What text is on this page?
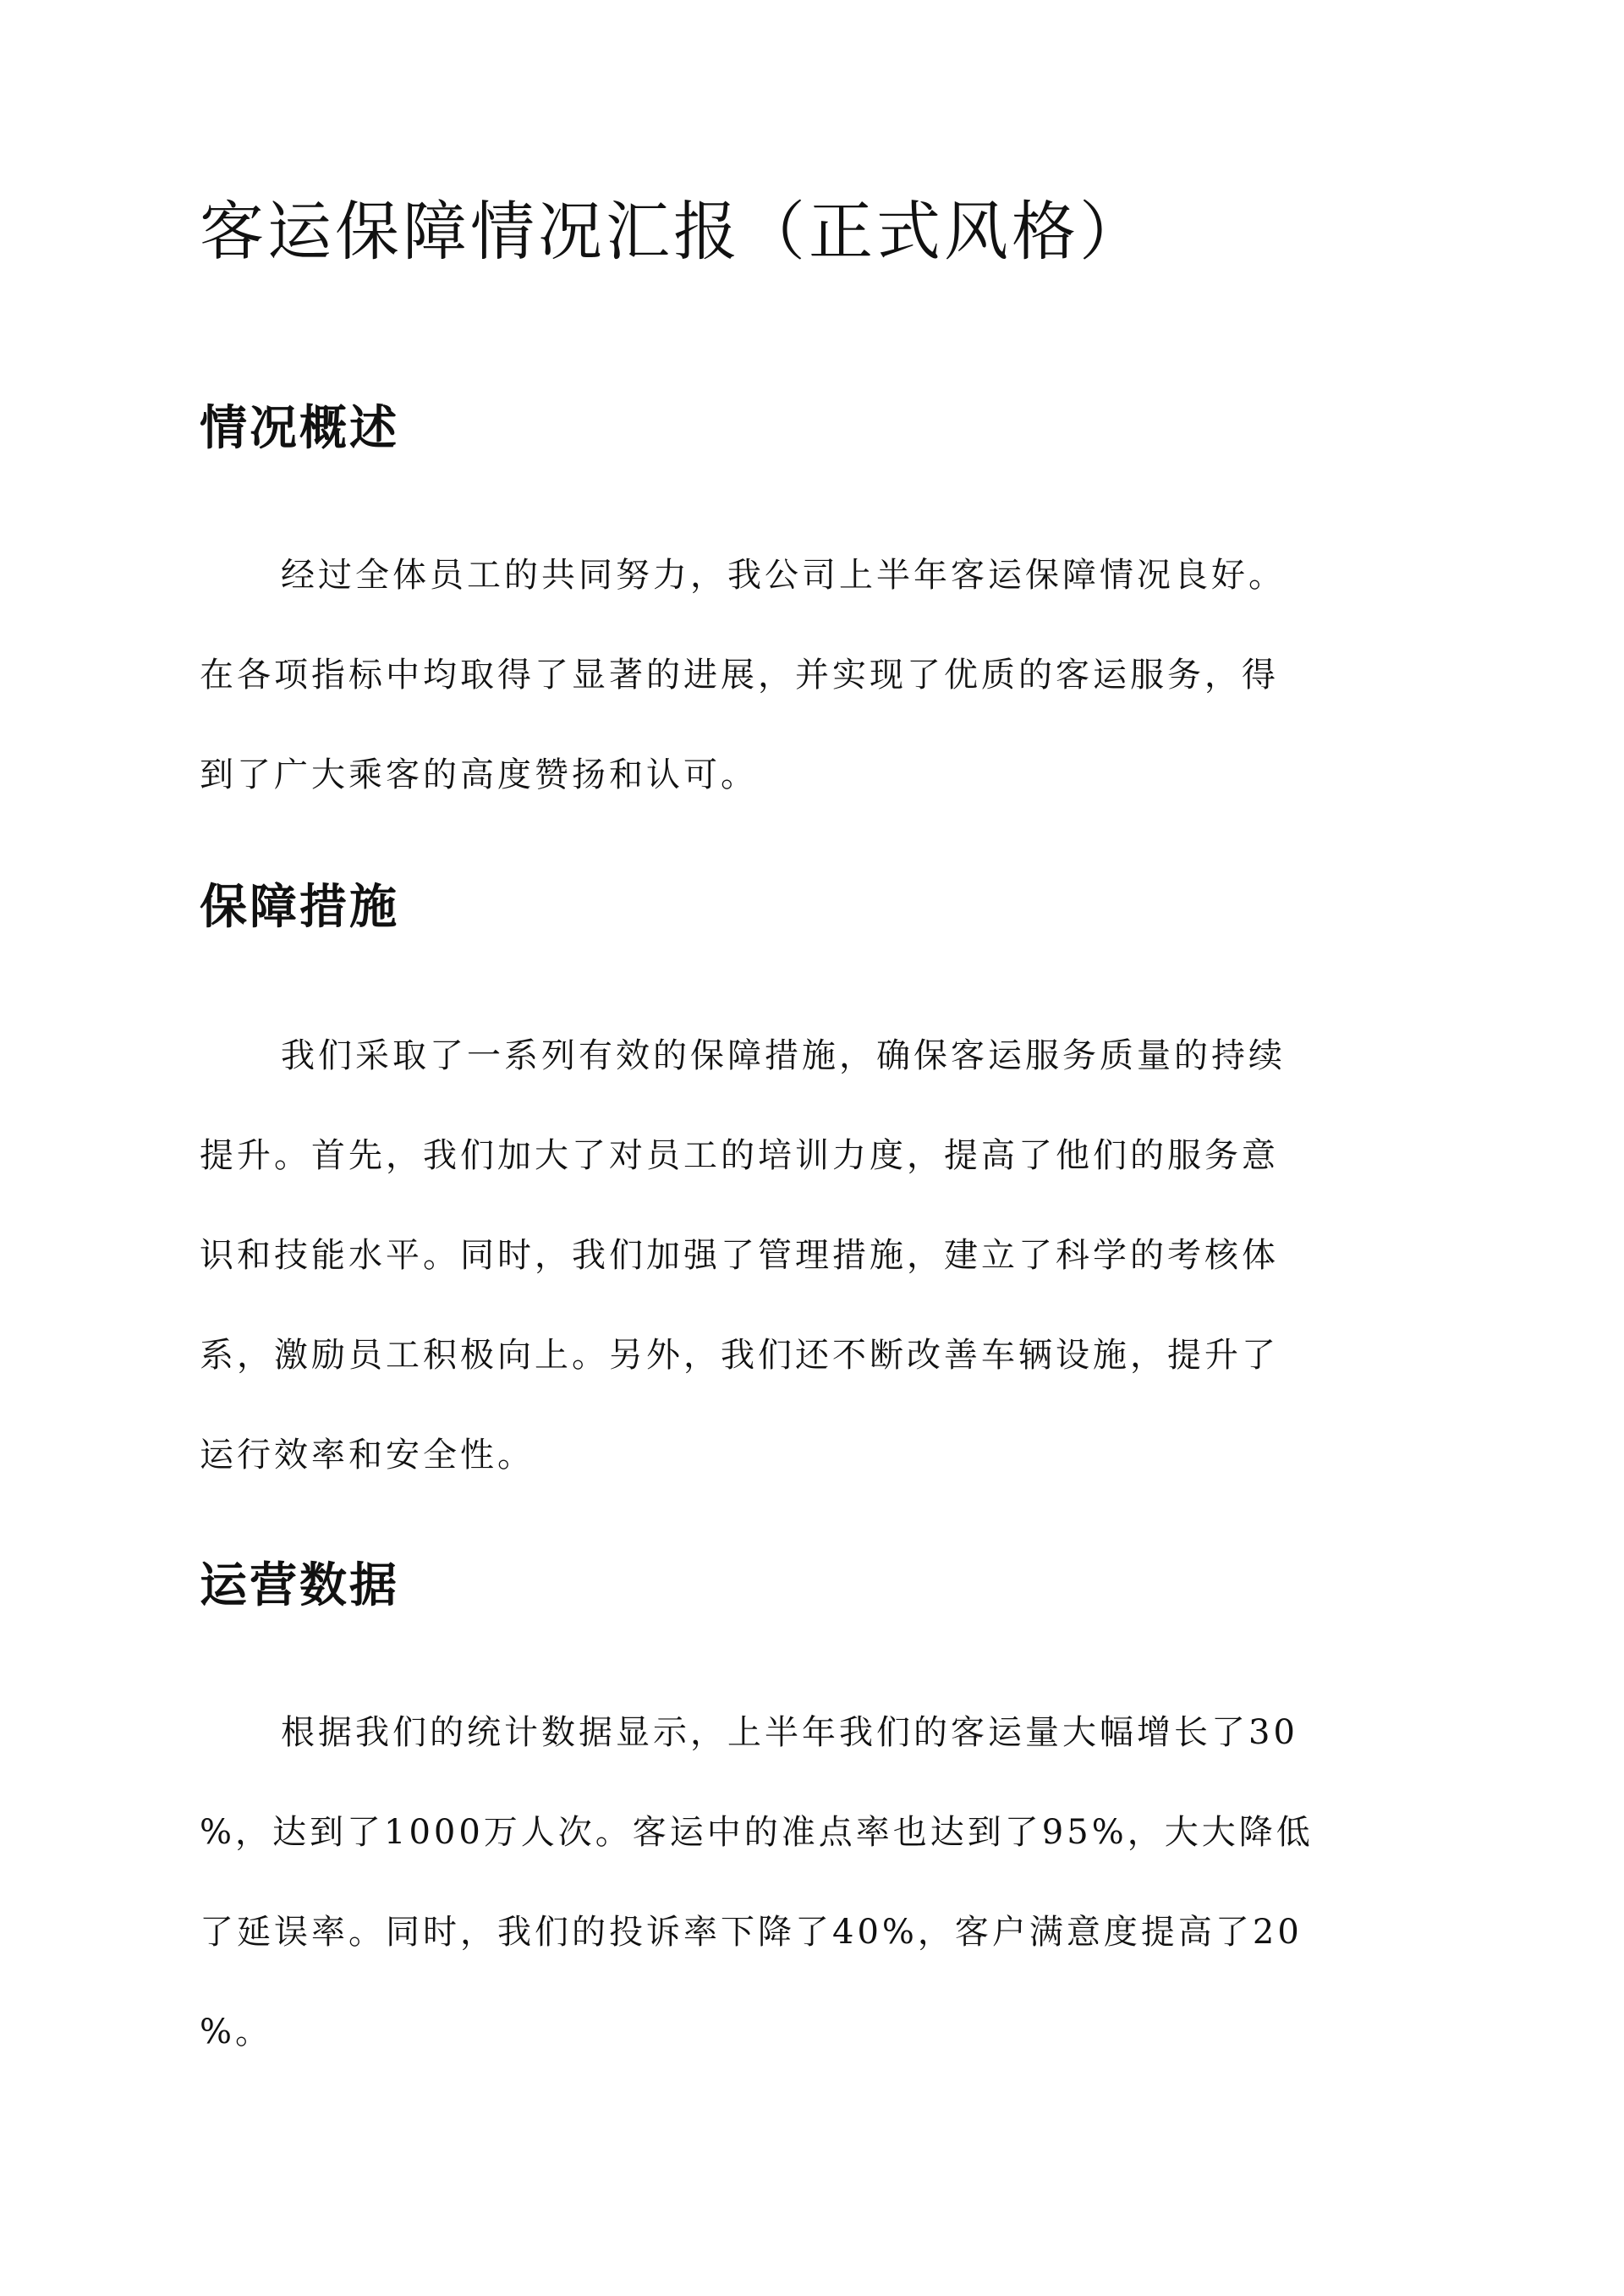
客运保障情况汇报（正式风格）
情况概述
经过全体员工的共同努力，我公司上半年客运保障情况良好。
在各项指标中均取得了显著的进展，并实现了优质的客运服务，得
到了广大乘客的高度赞扬和认可。
保障措施
我们采取了一系列有效的保障措施，确保客运服务质量的持续
提升。首先，我们加大了对员工的培训力度，提高了他们的服务意
识和技能水平。同时，我们加强了管理措施，建立了科学的考核体
系，激励员工积极向上。另外，我们还不断改善车辆设施，提升了
运行效率和安全性。
运营数据
根据我们的统计数据显示，上半年我们的客运量大幅增长了30
%，达到了1000万人次。客运中的准点率也达到了95%，大大降低
了延误率。同时，我们的投诉率下降了40%，客户满意度提高了20
%。
